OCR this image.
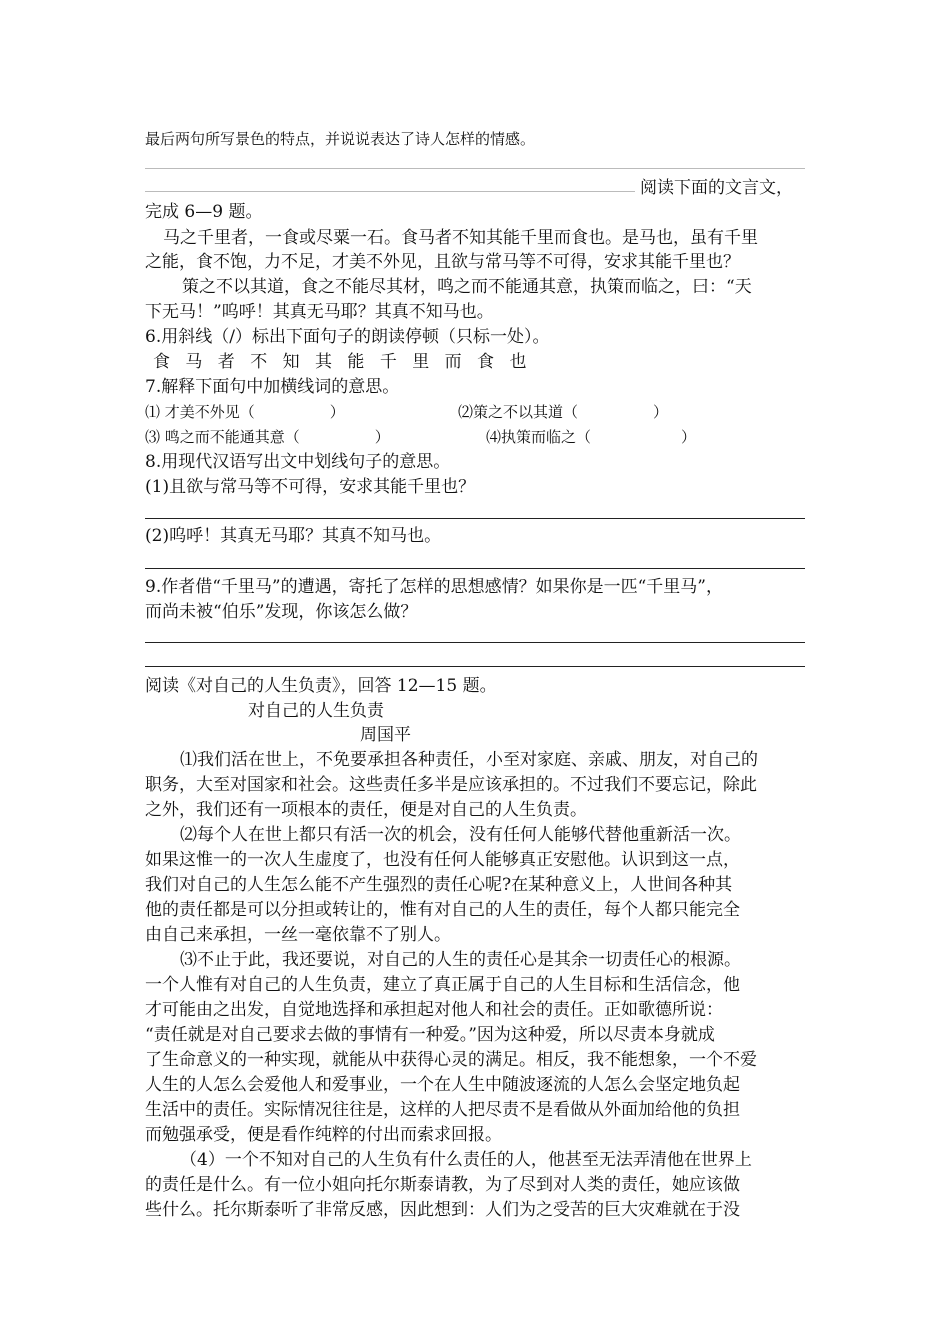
最后两句所写景色的特点，并说说表达了诗人怎样的情感。
阅读下面的文言文，
完成 6—9 题。
马之千里者，一食或尽粟一石。食马者不知其能千里而食也。是马也，虽有千里
之能，食不饱，力不足，才美不外见，且欲与常马等不可得，安求其能千里也？
策之不以其道，食之不能尽其材，鸣之而不能通其意，执策而临之，曰：“天
下无马！”呜呼！其真无马耶？其真不知马也。
6.用斜线（/）标出下面句子的朗读停顿（只标一处）。
食 马 者 不 知 其 能 千 里 而 食 也
7.解释下面句中加横线词的意思。
⑴ 才美不外见（　　　　　）	⑵策之不以其道（　　　　　）
⑶ 鸣之而不能通其意（　　　　　）	⑷执策而临之（　　　　　　）
8.用现代汉语写出文中划线句子的意思。
(1)且欲与常马等不可得，安求其能千里也？
(2)呜呼！其真无马耶？其真不知马也。
9.作者借“千里马”的遭遇，寄托了怎样的思想感情？如果你是一匹“千里马”，
而尚未被“伯乐”发现，你该怎么做？
阅读《对自己的人生负责》，回答 12—15 题。
对自己的人生负责
周国平
⑴我们活在世上，不免要承担各种责任，小至对家庭、亲戚、朋友，对自己的
职务，大至对国家和社会。这些责任多半是应该承担的。不过我们不要忘记，除此
之外，我们还有一项根本的责任，便是对自己的人生负责。
⑵每个人在世上都只有活一次的机会，没有任何人能够代替他重新活一次。
如果这惟一的一次人生虚度了，也没有任何人能够真正安慰他。认识到这一点，
我们对自己的人生怎么能不产生强烈的责任心呢?在某种意义上，人世间各种其
他的责任都是可以分担或转让的，惟有对自己的人生的责任，每个人都只能完全
由自己来承担，一丝一毫依靠不了别人。
⑶不止于此，我还要说，对自己的人生的责任心是其余一切责任心的根源。
一个人惟有对自己的人生负责，建立了真正属于自己的人生目标和生活信念，他
才可能由之出发，自觉地选择和承担起对他人和社会的责任。正如歌德所说：
“责任就是对自己要求去做的事情有一种爱。”因为这种爱，所以尽责本身就成
了生命意义的一种实现，就能从中获得心灵的满足。相反，我不能想象，一个不爱
人生的人怎么会爱他人和爱事业，一个在人生中随波逐流的人怎么会坚定地负起
生活中的责任。实际情况往往是，这样的人把尽责不是看做从外面加给他的负担
而勉强承受，便是看作纯粹的付出而索求回报。
（4）一个不知对自己的人生负有什么责任的人，他甚至无法弄清他在世界上
的责任是什么。有一位小姐向托尔斯泰请教，为了尽到对人类的责任，她应该做
些什么。托尔斯泰听了非常反感，因此想到：人们为之受苦的巨大灾难就在于没
